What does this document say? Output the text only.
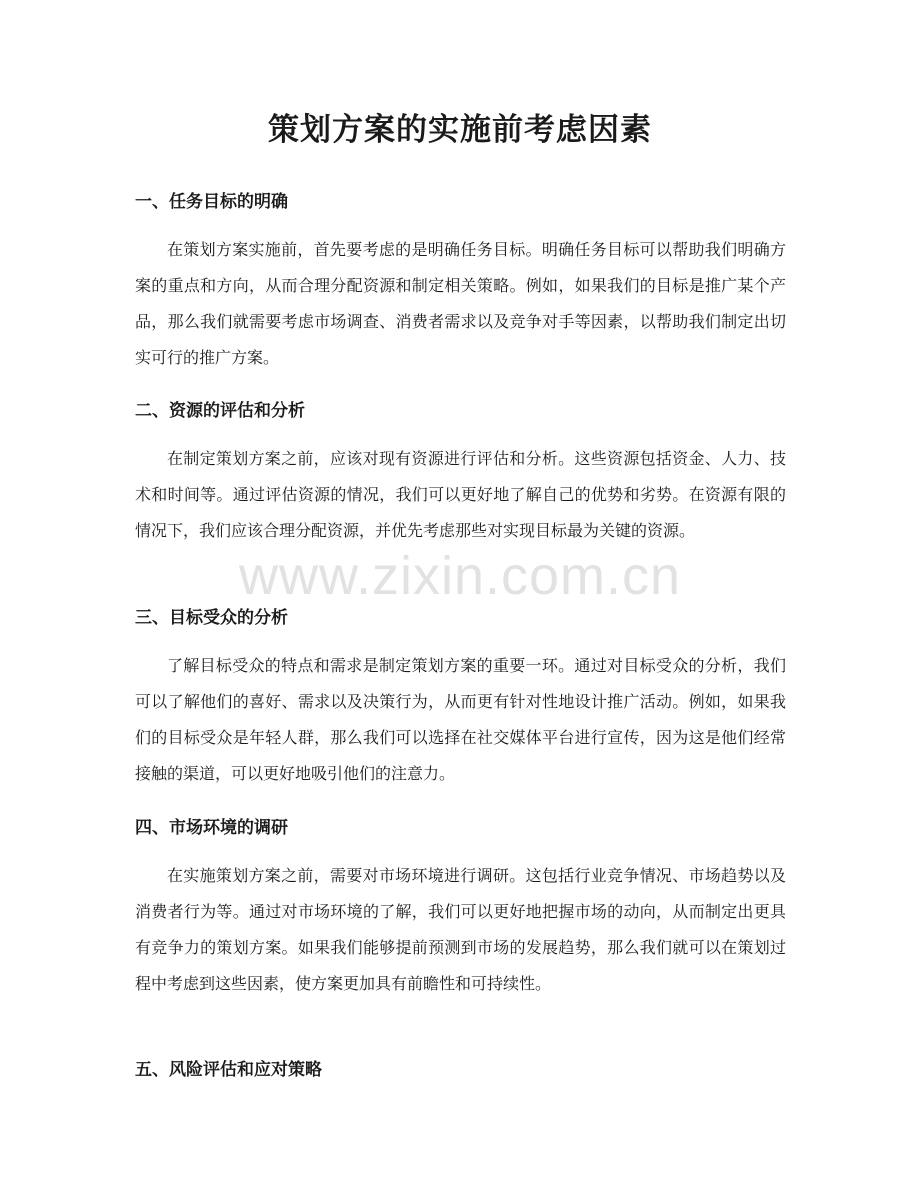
策划方案的实施前考虑因素
一、任务目标的明确

在策划方案实施前，首先要考虑的是明确任务目标。明确任务目标可以帮助我们明确方案的重点和方向，从而合理分配资源和制定相关策略。例如，如果我们的目标是推广某个产品，那么我们就需要考虑市场调查、消费者需求以及竞争对手等因素，以帮助我们制定出切实可行的推广方案。

二、资源的评估和分析

在制定策划方案之前，应该对现有资源进行评估和分析。这些资源包括资金、人力、技术和时间等。通过评估资源的情况，我们可以更好地了解自己的优势和劣势。在资源有限的情况下，我们应该合理分配资源，并优先考虑那些对实现目标最为关键的资源。

三、目标受众的分析

了解目标受众的特点和需求是制定策划方案的重要一环。通过对目标受众的分析，我们可以了解他们的喜好、需求以及决策行为，从而更有针对性地设计推广活动。例如，如果我们的目标受众是年轻人群，那么我们可以选择在社交媒体平台进行宣传，因为这是他们经常接触的渠道，可以更好地吸引他们的注意力。

四、市场环境的调研

在实施策划方案之前，需要对市场环境进行调研。这包括行业竞争情况、市场趋势以及消费者行为等。通过对市场环境的了解，我们可以更好地把握市场的动向，从而制定出更具有竞争力的策划方案。如果我们能够提前预测到市场的发展趋势，那么我们就可以在策划过程中考虑到这些因素，使方案更加具有前瞻性和可持续性。

五、风险评估和应对策略
www.zixin.com.cn
